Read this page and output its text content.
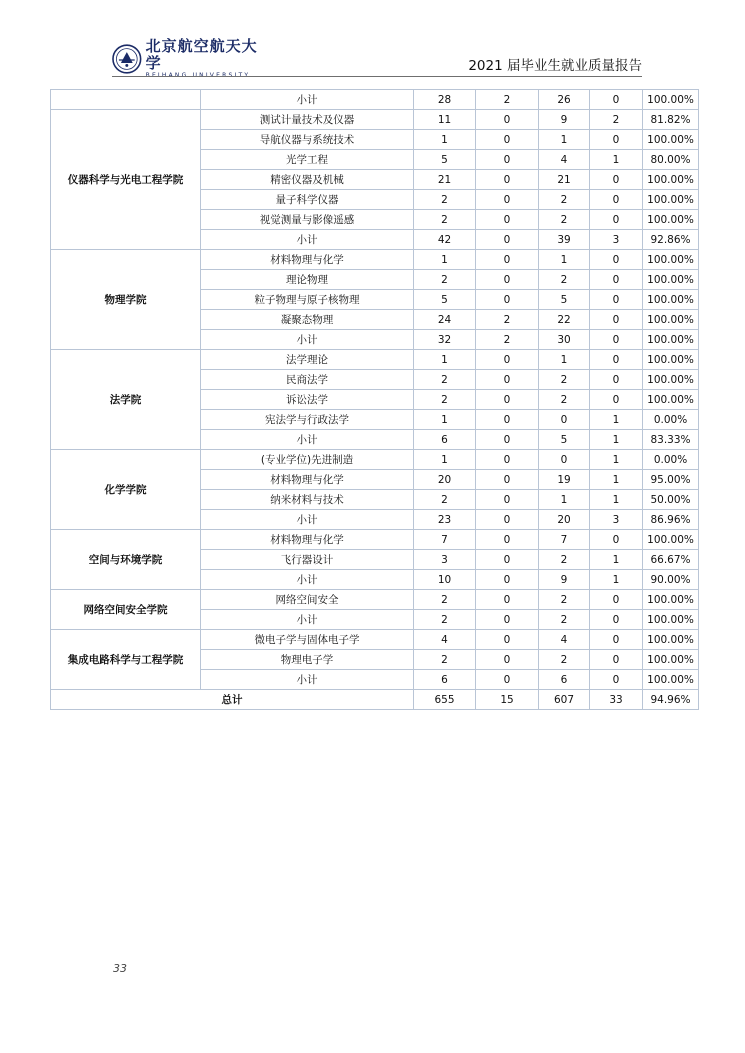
北京航空航天大学	2021 届毕业生就业质量报告
	小计	28	2	26	0	100.00%
仪器科学与光电工程学院	测试计量技术及仪器	11	0	9	2	81.82%
	导航仪器与系统技术	1	0	1	0	100.00%
	光学工程	5	0	4	1	80.00%
	精密仪器及机械	21	0	21	0	100.00%
	量子科学仪器	2	0	2	0	100.00%
	视觉测量与影像遥感	2	0	2	0	100.00%
	小计	42	0	39	3	92.86%
物理学院	材料物理与化学	1	0	1	0	100.00%
	理论物理	2	0	2	0	100.00%
	粒子物理与原子核物理	5	0	5	0	100.00%
	凝聚态物理	24	2	22	0	100.00%
	小计	32	2	30	0	100.00%
法学院	法学理论	1	0	1	0	100.00%
	民商法学	2	0	2	0	100.00%
	诉讼法学	2	0	2	0	100.00%
	宪法学与行政法学	1	0	0	1	0.00%
	小计	6	0	5	1	83.33%
化学学院	(专业学位)先进制造	1	0	0	1	0.00%
	材料物理与化学	20	0	19	1	95.00%
	纳米材料与技术	2	0	1	1	50.00%
	小计	23	0	20	3	86.96%
空间与环境学院	材料物理与化学	7	0	7	0	100.00%
	飞行器设计	3	0	2	1	66.67%
	小计	10	0	9	1	90.00%
网络空间安全学院	网络空间安全	2	0	2	0	100.00%
	小计	2	0	2	0	100.00%
集成电路科学与工程学院	微电子学与固体电子学	4	0	4	0	100.00%
	物理电子学	2	0	2	0	100.00%
	小计	6	0	6	0	100.00%
总计		655	15	607	33	94.96%
33
